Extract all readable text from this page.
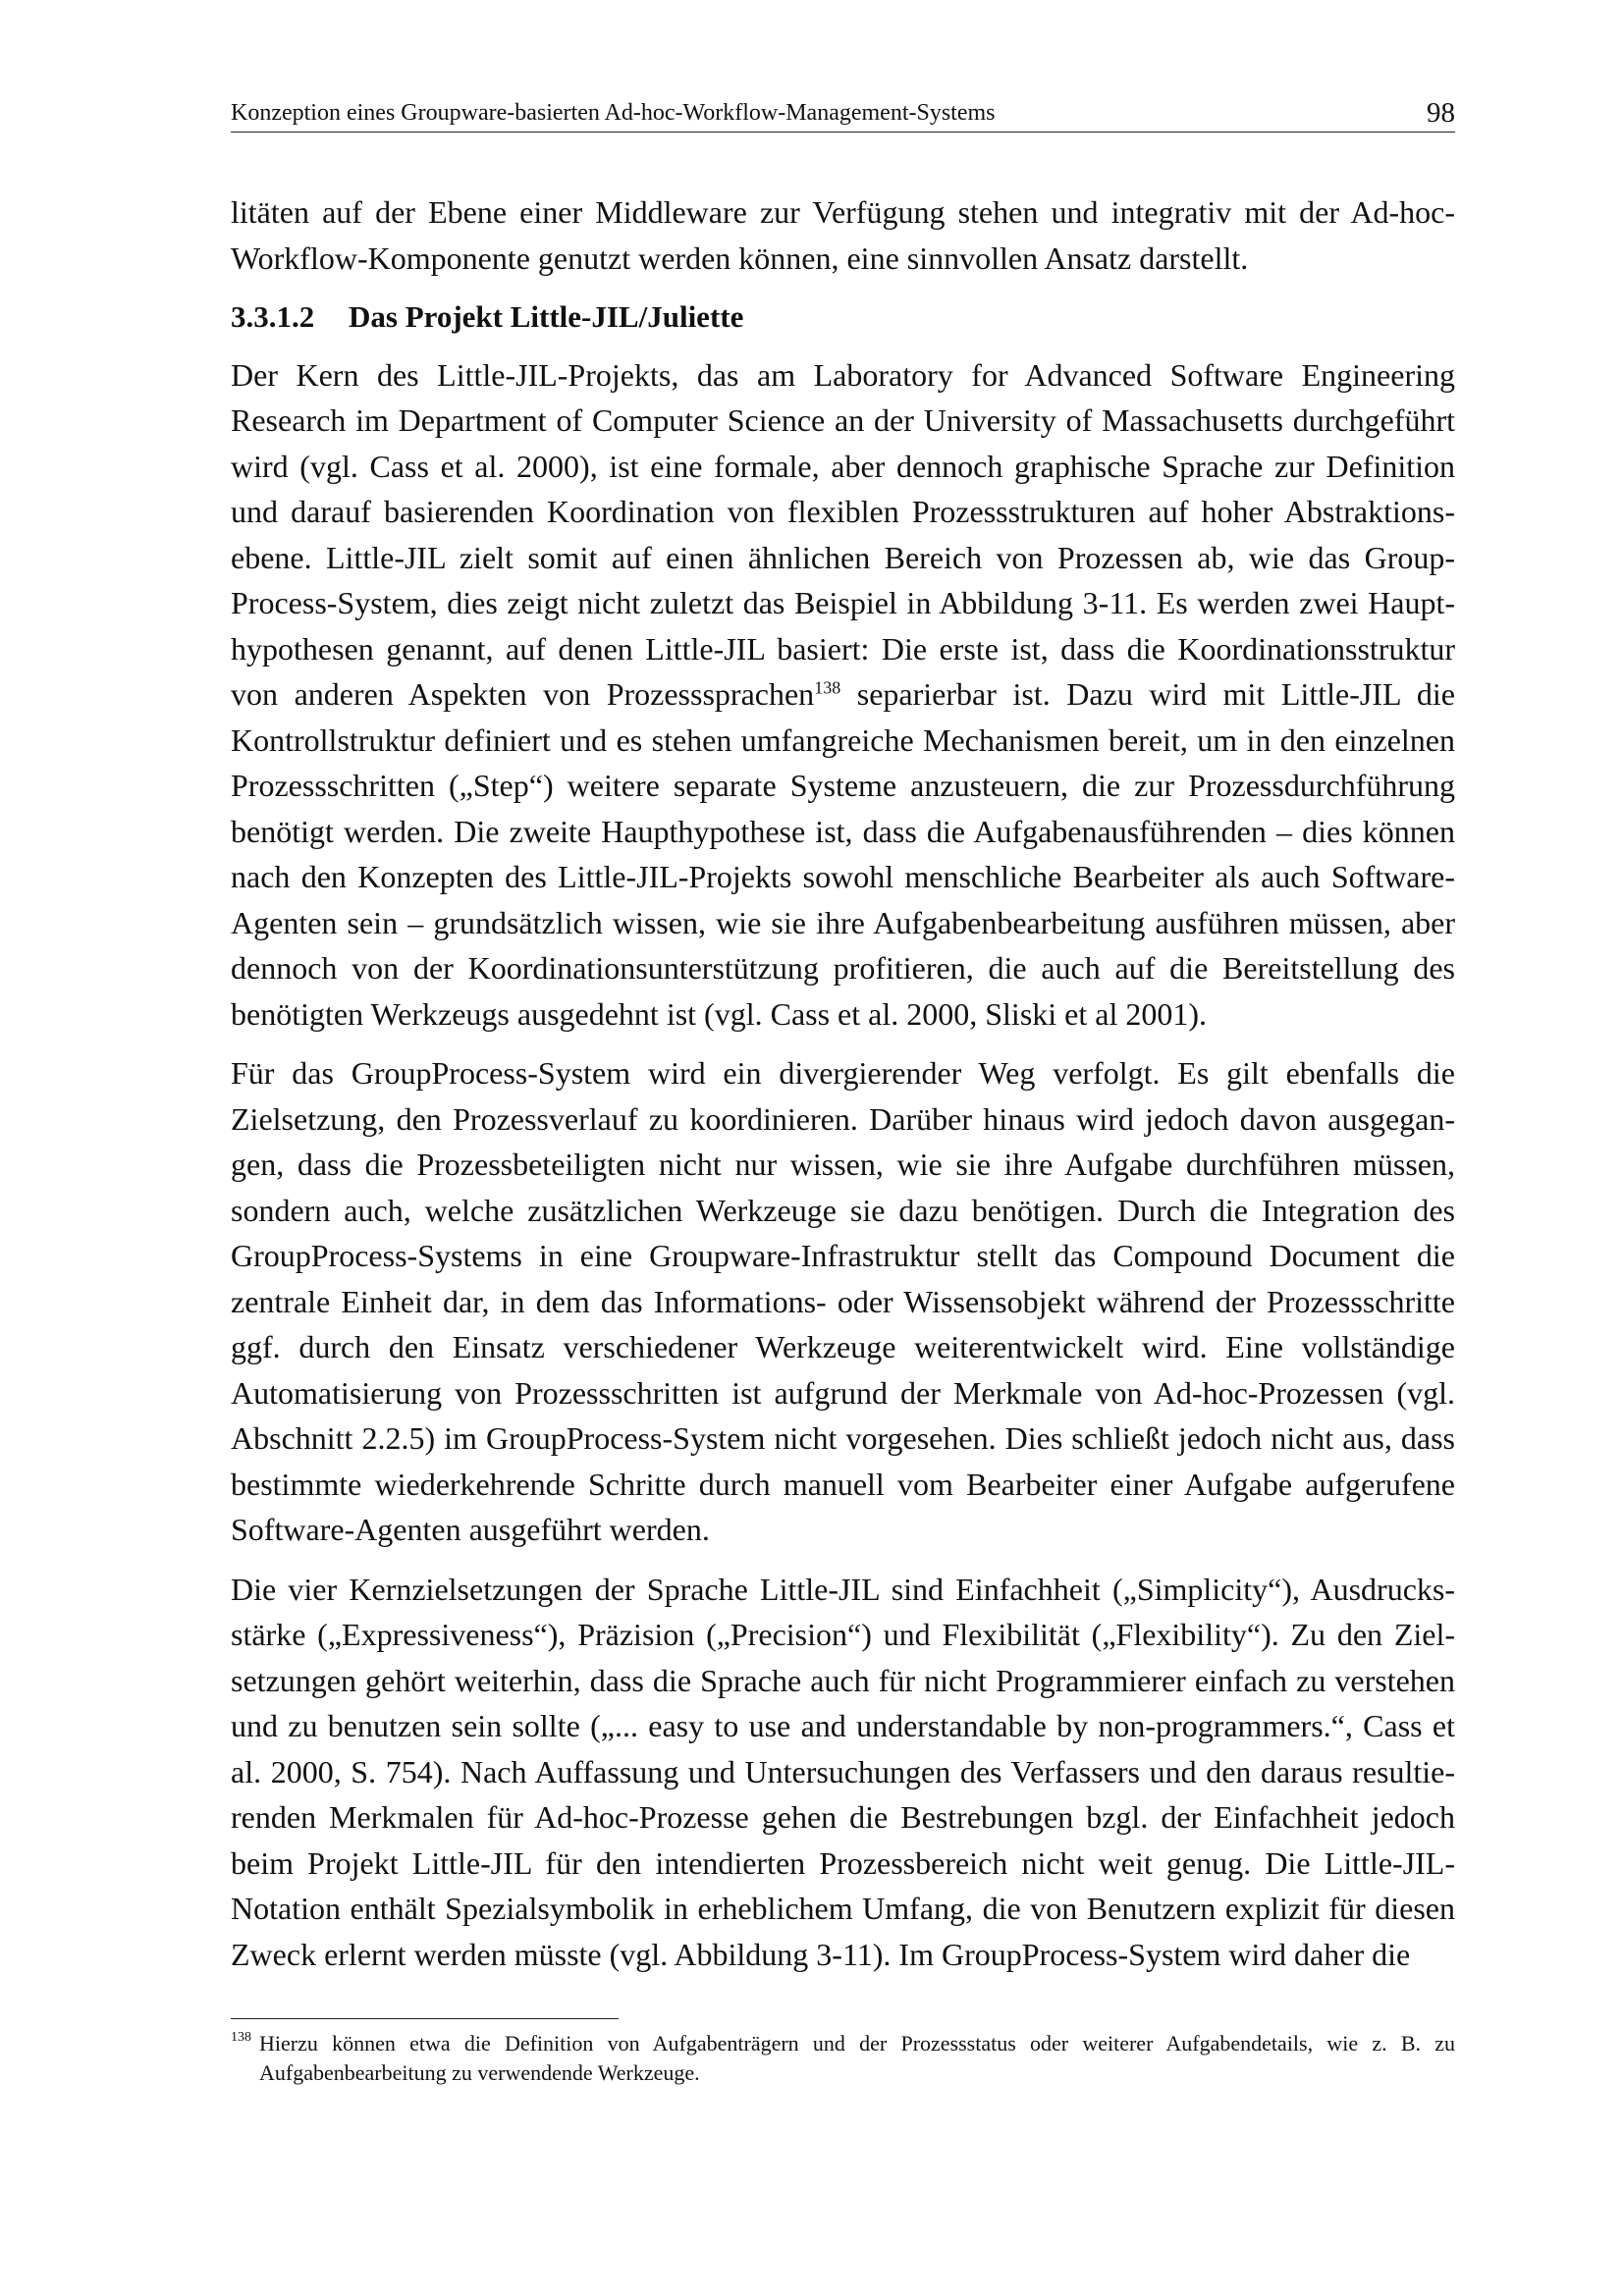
Konzeption eines Groupware-basierten Ad-hoc-Workflow-Management-Systems	98

litäten auf der Ebene einer Middleware zur Verfügung stehen und integrativ mit der Ad-hoc-Workflow-Komponente genutzt werden können, eine sinnvollen Ansatz darstellt.

3.3.1.2 Das Projekt Little-JIL/Juliette

Der Kern des Little-JIL-Projekts, das am Laboratory for Advanced Software Engineering Research im Department of Computer Science an der University of Massachusetts durchgeführt wird (vgl. Cass et al. 2000), ist eine formale, aber dennoch graphische Sprache zur Definition und darauf basierenden Koordination von flexiblen Prozessstrukturen auf hoher Abstraktionsebene. Little-JIL zielt somit auf einen ähnlichen Bereich von Prozessen ab, wie das GroupProcess-System, dies zeigt nicht zuletzt das Beispiel in Abbildung 3-11. Es werden zwei Haupthypothesen genannt, auf denen Little-JIL basiert: Die erste ist, dass die Koordinationsstruktur von anderen Aspekten von Prozesssprachen$^{138}$ separierbar ist. Dazu wird mit Little-JIL die Kontrollstruktur definiert und es stehen umfangreiche Mechanismen bereit, um in den einzelnen Prozessschritten („Step“) weitere separate Systeme anzusteuern, die zur Prozessdurchführung benötigt werden. Die zweite Haupthypothese ist, dass die Aufgabenausführenden – dies können nach den Konzepten des Little-JIL-Projekts sowohl menschliche Bearbeiter als auch Software-Agenten sein – grundsätzlich wissen, wie sie ihre Aufgabenbearbeitung ausführen müssen, aber dennoch von der Koordinationsunterstützung profitieren, die auch auf die Bereitstellung des benötigten Werkzeugs ausgedehnt ist (vgl. Cass et al. 2000, Sliski et al 2001).

Für das GroupProcess-System wird ein divergierender Weg verfolgt. Es gilt ebenfalls die Zielsetzung, den Prozessverlauf zu koordinieren. Darüber hinaus wird jedoch davon ausgegangen, dass die Prozessbeteiligten nicht nur wissen, wie sie ihre Aufgabe durchführen müssen, sondern auch, welche zusätzlichen Werkzeuge sie dazu benötigen. Durch die Integration des GroupProcess-Systems in eine Groupware-Infrastruktur stellt das Compound Document die zentrale Einheit dar, in dem das Informations- oder Wissensobjekt während der Prozessschritte ggf. durch den Einsatz verschiedener Werkzeuge weiterentwickelt wird. Eine vollständige Automatisierung von Prozessschritten ist aufgrund der Merkmale von Ad-hoc-Prozessen (vgl. Abschnitt 2.2.5) im GroupProcess-System nicht vorgesehen. Dies schließt jedoch nicht aus, dass bestimmte wiederkehrende Schritte durch manuell vom Bearbeiter einer Aufgabe aufgerufene Software-Agenten ausgeführt werden.

Die vier Kernzielsetzungen der Sprache Little-JIL sind Einfachheit („Simplicity“), Ausdrucksstärke („Expressiveness“), Präzision („Precision“) und Flexibilität („Flexibility“). Zu den Zielsetzungen gehört weiterhin, dass die Sprache auch für nicht Programmierer einfach zu verstehen und zu benutzen sein sollte („... easy to use and understandable by non-programmers.“, Cass et al. 2000, S. 754). Nach Auffassung und Untersuchungen des Verfassers und den daraus resultierenden Merkmalen für Ad-hoc-Prozesse gehen die Bestrebungen bzgl. der Einfachheit jedoch beim Projekt Little-JIL für den intendierten Prozessbereich nicht weit genug. Die Little-JIL-Notation enthält Spezialsymbolik in erheblichem Umfang, die von Benutzern explizit für diesen Zweck erlernt werden müsste (vgl. Abbildung 3-11). Im GroupProcess-System wird daher die

138 Hierzu können etwa die Definition von Aufgabenträgern und der Prozessstatus oder weiterer Aufgabendetails, wie z. B. zu Aufgabenbearbeitung zu verwendende Werkzeuge.
